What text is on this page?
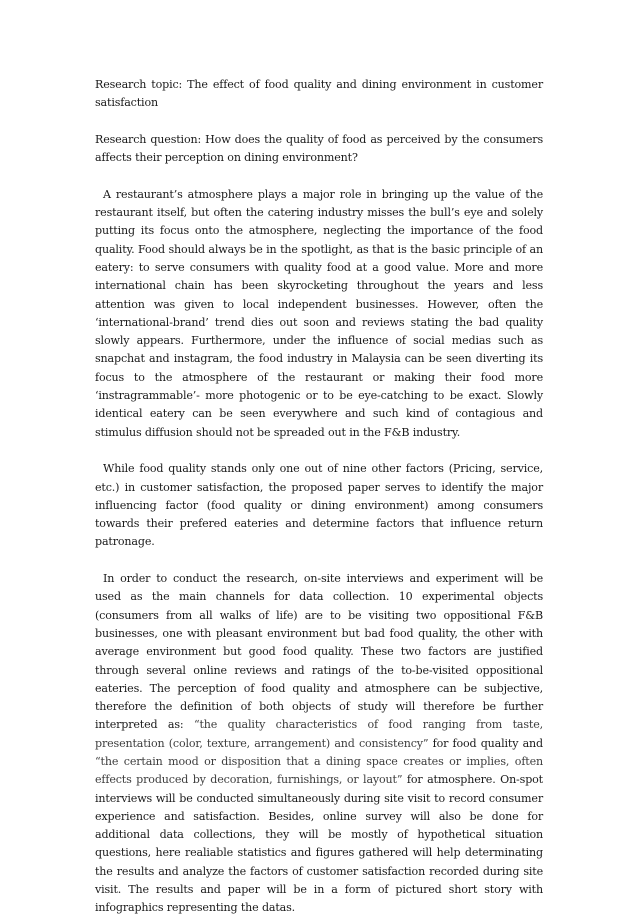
Research topic: The effect of food quality and dining environment in customer satisfaction

Research question: How does the quality of food as perceived by the consumers affects their perception on dining environment?

A restaurant’s atmosphere plays a major role in bringing up the value of the restaurant itself, but often the catering industry misses the bull’s eye and solely putting its focus onto the atmosphere, neglecting the importance of the food quality. Food should always be in the spotlight, as that is the basic principle of an eatery: to serve consumers with quality food at a good value. More and more international chain has been skyrocketing throughout the years and less attention was given to local independent businesses. However, often the ‘international-brand’ trend dies out soon and reviews stating the bad quality slowly appears. Furthermore, under the influence of social medias such as snapchat and instagram, the food industry in Malaysia can be seen diverting its focus to the atmosphere of the restaurant or making their food more ‘instragrammable’- more photogenic or to be eye-catching to be exact. Slowly identical eatery can be seen everywhere and such kind of contagious and stimulus diffusion should not be spreaded out in the F&B industry.

While food quality stands only one out of nine other factors (Pricing, service, etc.) in customer satisfaction, the proposed paper serves to identify the major influencing factor (food quality or dining environment) among consumers towards their prefered eateries and determine factors that influence return patronage.

In order to conduct the research, on-site interviews and experiment will be used as the main channels for data collection. 10 experimental objects (consumers from all walks of life) are to be visiting two oppositional F&B businesses, one with pleasant environment but bad food quality, the other with average environment but good food quality. These two factors are justified through several online reviews and ratings of the to-be-visited oppositional eateries. The perception of food quality and atmosphere can be subjective, therefore the definition of both objects of study will therefore be further interpreted as: “the quality characteristics of food ranging from taste, presentation (color, texture, arrangement) and consistency” for food quality and “the certain mood or disposition that a dining space creates or implies, often effects produced by decoration, furnishings, or layout” for atmosphere. On-spot interviews will be conducted simultaneously during site visit to record consumer experience and satisfaction. Besides, online survey will also be done for additional data collections, they will be mostly of hypothetical situation questions, here realiable statistics and figures gathered will help determinating the results and analyze the factors of customer satisfaction recorded during site visit. The results and paper will be in a form of pictured short story with infographics representing the datas.
